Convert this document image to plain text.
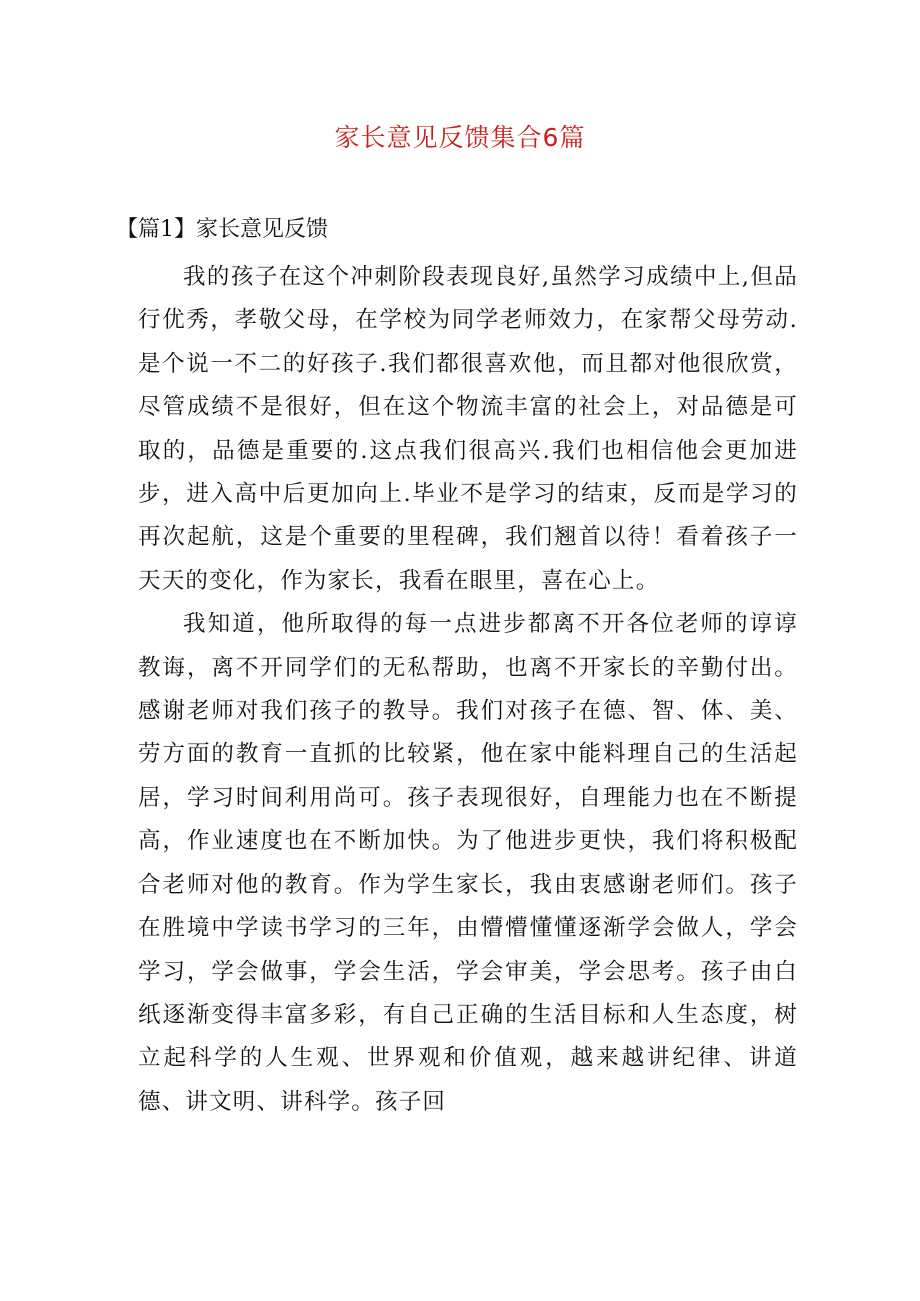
家长意见反馈集合6篇
【篇1】家长意见反馈

我的孩子在这个冲刺阶段表现良好,虽然学习成绩中上,但品行优秀，孝敬父母，在学校为同学老师效力，在家帮父母劳动.是个说一不二的好孩子.我们都很喜欢他，而且都对他很欣赏，尽管成绩不是很好，但在这个物流丰富的社会上，对品德是可取的，品德是重要的.这点我们很高兴.我们也相信他会更加进步，进入高中后更加向上.毕业不是学习的结束，反而是学习的再次起航，这是个重要的里程碑，我们翘首以待！看着孩子一天天的变化，作为家长，我看在眼里，喜在心上。

我知道，他所取得的每一点进步都离不开各位老师的谆谆教诲，离不开同学们的无私帮助，也离不开家长的辛勤付出。感谢老师对我们孩子的教导。我们对孩子在德、智、体、美、劳方面的教育一直抓的比较紧，他在家中能料理自己的生活起居，学习时间利用尚可。孩子表现很好，自理能力也在不断提高，作业速度也在不断加快。为了他进步更快，我们将积极配合老师对他的教育。作为学生家长，我由衷感谢老师们。孩子在胜境中学读书学习的三年，由懵懵懂懂逐渐学会做人，学会学习，学会做事，学会生活，学会审美，学会思考。孩子由白纸逐渐变得丰富多彩，有自己正确的生活目标和人生态度，树立起科学的人生观、世界观和价值观，越来越讲纪律、讲道德、讲文明、讲科学。孩子回
